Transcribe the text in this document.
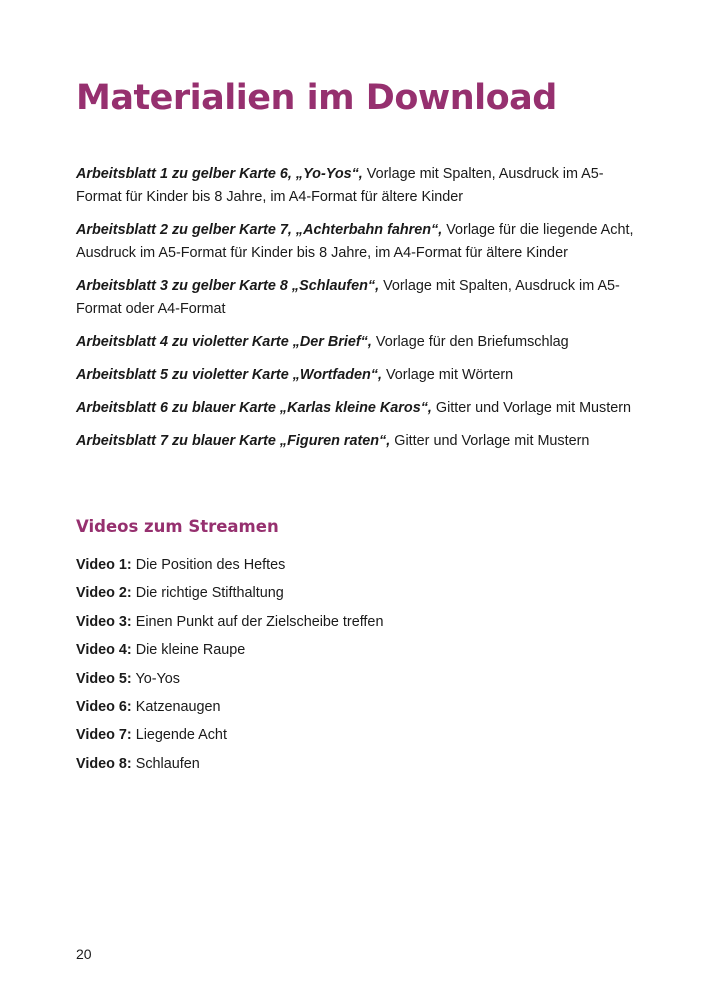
Materialien im Download
Arbeitsblatt 1 zu gelber Karte 6, „Yo-Yos“, Vorlage mit Spalten, Ausdruck im A5-Format für Kinder bis 8 Jahre, im A4-Format für ältere Kinder
Arbeitsblatt 2 zu gelber Karte 7, „Achterbahn fahren“, Vorlage für die liegende Acht, Ausdruck im A5-Format für Kinder bis 8 Jahre, im A4-Format für ältere Kinder
Arbeitsblatt 3 zu gelber Karte 8 „Schlaufen“, Vorlage mit Spalten, Ausdruck im A5-Format oder A4-Format
Arbeitsblatt 4 zu violetter Karte „Der Brief“, Vorlage für den Briefumschlag
Arbeitsblatt 5 zu violetter Karte „Wortfaden“, Vorlage mit Wörtern
Arbeitsblatt 6 zu blauer Karte „Karlas kleine Karos“, Gitter und Vorlage mit Mustern
Arbeitsblatt 7 zu blauer Karte „Figuren raten“, Gitter und Vorlage mit Mustern
Videos zum Streamen
Video 1: Die Position des Heftes
Video 2: Die richtige Stifthaltung
Video 3: Einen Punkt auf der Zielscheibe treffen
Video 4: Die kleine Raupe
Video 5: Yo-Yos
Video 6: Katzenaugen
Video 7: Liegende Acht
Video 8: Schlaufen
20
